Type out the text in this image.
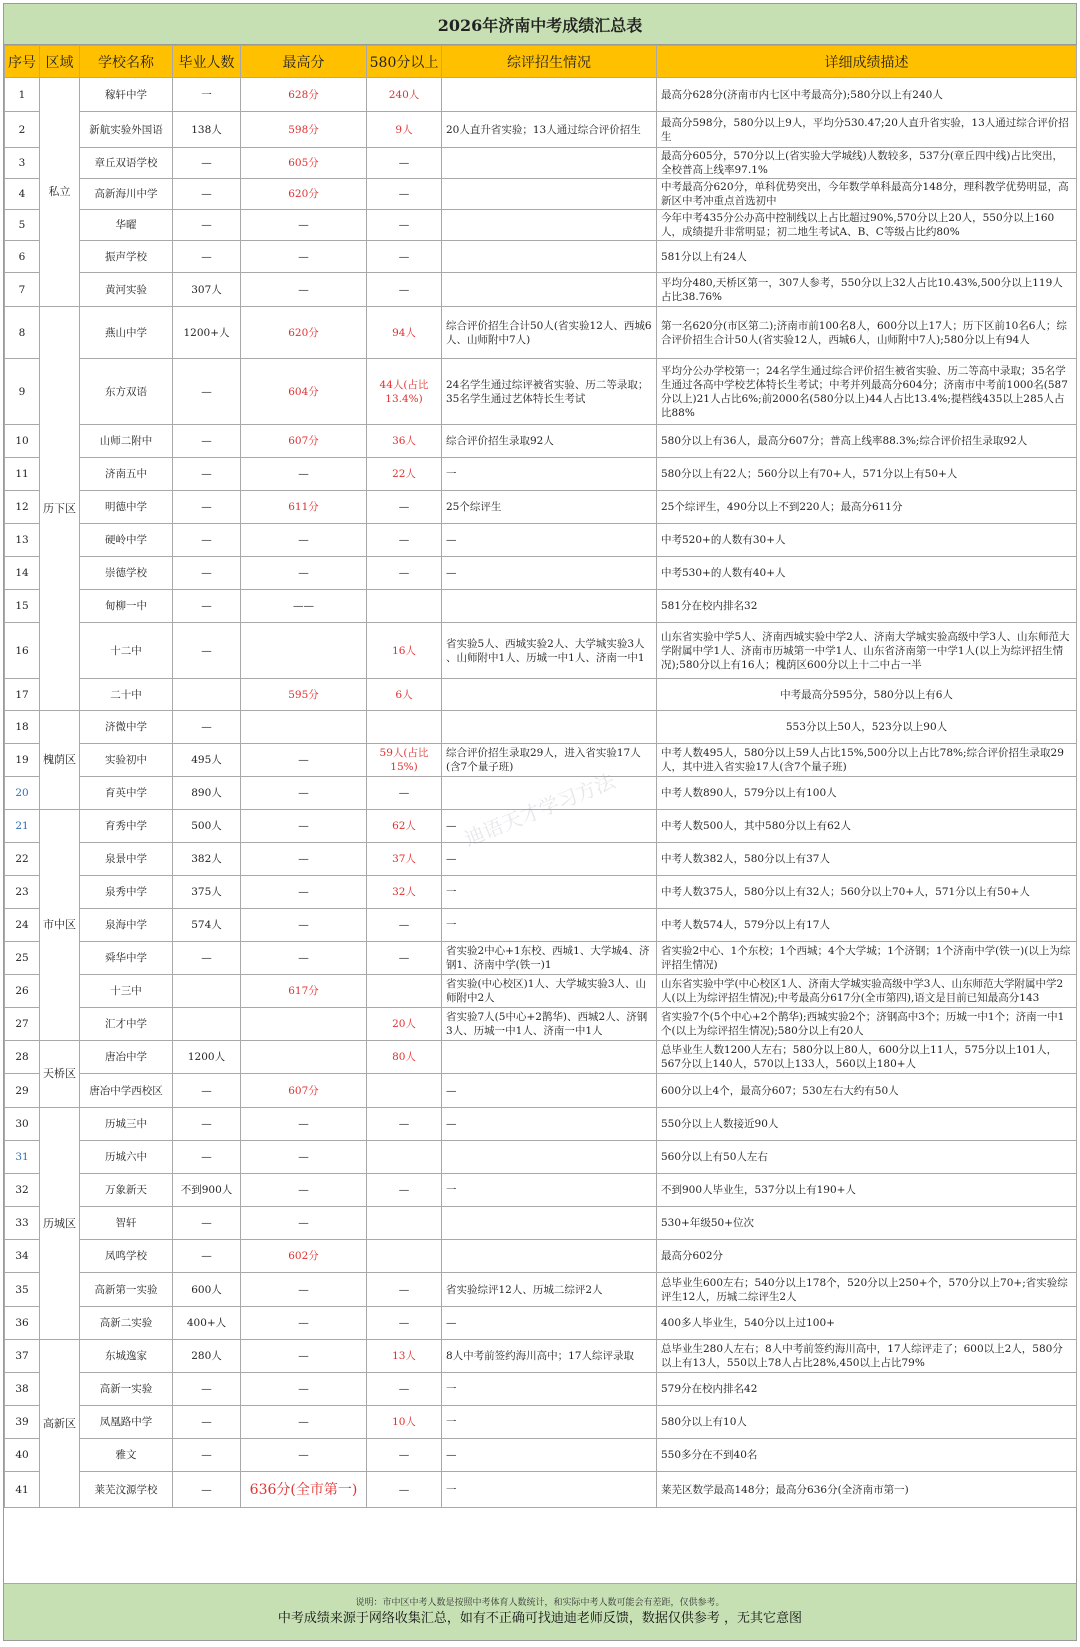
2026年济南中考成绩汇总表
序号	区域	学校名称	毕业人数	最高分	580分以上	综评招生情况	详细成绩描述
1	私立	稼轩中学	一	628分	240人		最高分628分(济南市内七区中考最高分);580分以上有240人
2		新航实验外国语	138人	598分	9人	20人直升省实验；13人通过综合评价招生	最高分598分，580分以上9人，平均分530.47;20人直升省实验，13人通过综合评价招生
3		章丘双语学校	—	605分	—		最高分605分，570分以上(省实验大学城线)人数较多，537分(章丘四中线)占比突出，全校普高上线率97.1%
4		高新海川中学	—	620分	—		中考最高分620分，单科优势突出，今年数学单科最高分148分，理科教学优势明显，高新区中考冲重点首选初中
5		华曜	—	—	—		今年中考435分公办高中控制线以上占比超过90%,570分以上20人，550分以上160人，成绩提升非常明显；初二地生考试A、B、C等级占比约80%
6		振声学校	—	—	—		581分以上有24人
7		黄河实验	307人	—	—		平均分480,天桥区第一，307人参考，550分以上32人占比10.43%,500分以上119人占比38.76%
8	历下区	燕山中学	1200+人	620分	94人	综合评价招生合计50人(省实验12人、西城6人、山师附中7人)	第一名620分(市区第二);济南市前100名8人，600分以上17人；历下区前10名6人；综合评价招生合计50人(省实验12人，西城6人，山师附中7人);580分以上有94人
9		东方双语	—	604分	44人(占比13.4%)	24名学生通过综评被省实验、历二等录取；35名学生通过艺体特长生考试	平均分公办学校第一；24名学生通过综合评价招生被省实验、历二等高中录取；35名学生通过各高中学校艺体特长生考试；中考并列最高分604分；济南市中考前1000名(587分以上)21人占比6%;前2000名(580分以上)44人占比13.4%;提档线435以上285人占比88%
10		山师二附中	—	607分	36人	综合评价招生录取92人	580分以上有36人，最高分607分；普高上线率88.3%;综合评价招生录取92人
11		济南五中	—	—	22人	一	580分以上有22人；560分以上有70+人，571分以上有50+人
12		明德中学	—	611分	—	25个综评生	25个综评生，490分以上不到220人；最高分611分
13		硬岭中学	—	—	—	—	中考520+的人数有30+人
14		崇德学校	—	—	—	—	中考530+的人数有40+人
15		甸柳一中	—	——			581分在校内排名32
16		十二中	—		16人	省实验5人、西城实验2人、大学城实验3人
、山师附中1人、历城一中1人、济南一中1	山东省实验中学5人、济南西城实验中学2人、济南大学城实验高级中学3人、山东师范大学附属中学1人、济南市历城第一中学1人、山东省济南第一中学1人(以上为综评招生情况);580分以上有16人；槐荫区600分以上十二中占一半
17		二十中		595分	6人		中考最高分595分，580分以上有6人
18	槐荫区	济微中学	—				553分以上50人，523分以上90人
19		实验初中	495人	—	59人(占比15%)	综合评价招生录取29人，进入省实验17人(含7个量子班)	中考人数495人，580分以上59人占比15%,500分以上占比78%;综合评价招生录取29人，其中进入省实验17人(含7个量子班)
20		育英中学	890人	—	—		中考人数890人，579分以上有100人
21	市中区	育秀中学	500人	—	62人	—	中考人数500人，其中580分以上有62人
22		泉景中学	382人	—	37人	—	中考人数382人，580分以上有37人
23		泉秀中学	375人	—	32人	一	中考人数375人，580分以上有32人；560分以上70+人，571分以上有50+人
24		泉海中学	574人	—	—	一	中考人数574人，579分以上有17人
25		舜华中学	—	—	—	省实验2中心+1东校、西城1、大学城4、济钢1、济南中学(铁一)1	省实验2中心、1个东校；1个西城；4个大学城；1个济钢；1个济南中学(铁一)(以上为综评招生情况)
26		十三中		617分		省实验(中心校区)1人、大学城实验3人、山
师附中2人	山东省实验中学(中心校区1人、济南大学城实验高级中学3人、山东师范大学附属中学2人(以上为综评招生情况);中考最高分617分(全市第四),语文是目前已知最高分143
27		汇才中学			20人	省实验7人(5中心+2鹊华)、西城2人、济钢
3人、历城一中1人、济南一中1人	省实验7个(5个中心+2个鹊华);西城实验2个；济钢高中3个；历城一中1个；济南一中1个(以上为综评招生情况);580分以上有20人
28	天桥区	唐冶中学	1200人		80人		总毕业生人数1200人左右；580分以上80人，600分以上11人，575分以上101人，567分以上140人，570以上133人，560以上180+人
29		唐冶中学西校区	—	607分		—	600分以上4个，最高分607；530左右大约有50人
30	历城区	历城三中	—	—	—	—	550分以上人数接近90人
31		历城六中	—	—			560分以上有50人左右
32		万象新天	不到900人	—	—	一	不到900人毕业生，537分以上有190+人
33		智轩	—	—			530+年级50+位次
34		凤鸣学校	—	602分			最高分602分
35		高新第一实验	600人	—	—	省实验综评12人、历城二综评2人	总毕业生600左右；540分以上178个，520分以上250+个，570分以上70+;省实验综评生12人，历城二综评生2人
36		高新二实验	400+人	—	—	—	400多人毕业生，540分以上过100+
37	高新区	东城逸家	280人	—	13人	8人中考前签约海川高中；17人综评录取	总毕业生280人左右；8人中考前签约海川高中，17人综评走了；600以上2人，580分以上有13人，550以上78人占比28%,450以上占比79%
38		高新一实验	—	—	—	一	579分在校内排名42
39		凤凰路中学	—	—	10人	一	580分以上有10人
40		雅文	—	—	—	—	550多分在不到40名
41		莱芜汶源学校	—	636分(全市第一)	—	一	莱芜区数学最高148分；最高分636分(全济南市第一)
迪语天才学习方法
说明：市中区中考人数是按照中考体育人数统计，和实际中考人数可能会有差距，仅供参考。
中考成绩来源于网络收集汇总，如有不正确可找迪迪老师反馈，数据仅供参考 ，无其它意图
